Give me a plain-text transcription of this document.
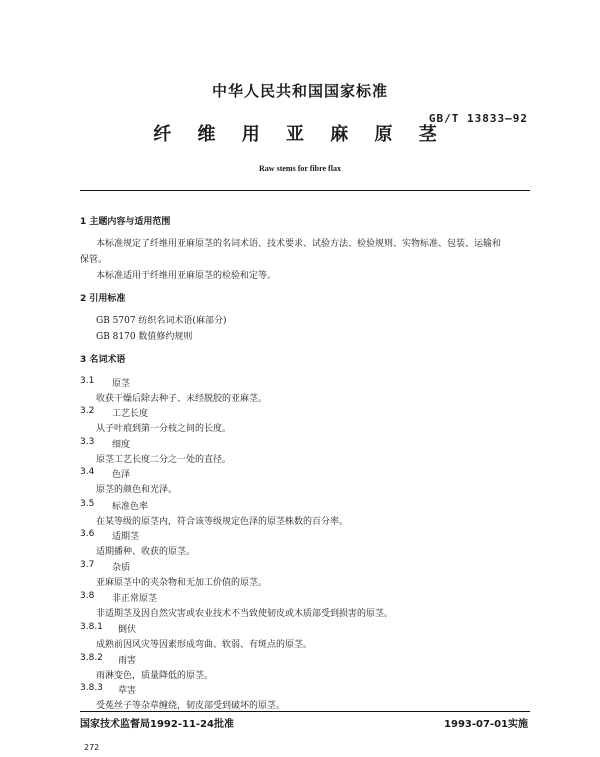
中华人民共和国国家标准
GB/T 13833—92
纤 维 用 亚 麻 原 茎
Raw stems for fibre flax
1 主题内容与适用范围
本标准规定了纤维用亚麻原茎的名词术语、技术要求、试验方法、检验规则、实物标准、包装、运输和
保管。
本标准适用于纤维用亚麻原茎的检验和定等。
2 引用标准
GB 5707 纺织名词术语(麻部分)
GB 8170 数值修约规则
3 名词术语
3.1 原茎
收获干燥后除去种子、未经脱胶的亚麻茎。
3.2 工艺长度
从子叶痕到第一分枝之间的长度。
3.3 细度
原茎工艺长度二分之一处的直径。
3.4 色泽
原茎的颜色和光泽。
3.5 标准色率
在某等级的原茎内，符合该等级规定色泽的原茎株数的百分率。
3.6 适期茎
适期播种、收获的原茎。
3.7 杂质
亚麻原茎中的夹杂物和无加工价值的原茎。
3.8 非正常原茎
非适期茎及因自然灾害或农业技术不当致使韧皮或木质部受到损害的原茎。
3.8.1 倒伏
成熟前因风灾等因素形成弯曲、软弱、有斑点的原茎。
3.8.2 雨害
雨淋变色，质量降低的原茎。
3.8.3 草害
受菟丝子等杂草缠绕，韧皮部受到破坏的原茎。
国家技术监督局1992-11-24批准	1993-07-01实施
272
